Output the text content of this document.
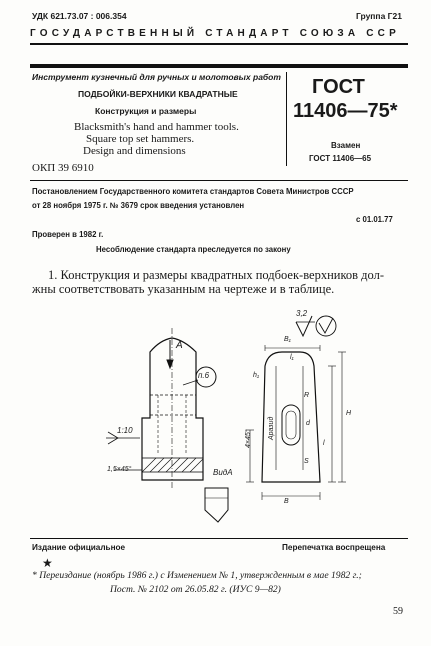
УДК 621.73.07 : 006.354	Группа Г21
ГОСУДАРСТВЕННЫЙ СТАНДАРТ СОЮЗА ССР
Инструмент кузнечный для ручных и молотовых работ
ПОДБОЙКИ-ВЕРХНИКИ КВАДРАТНЫЕ
Конструкция и размеры
Blacksmith's hand and hammer tools.
Square top set hammers.
Design and dimensions
ОКП 39 6910
ГОСТ
11406—75*
Взамен
ГОСТ 11406—65
Постановлением Государственного комитета стандартов Совета Министров СССР
от 28 ноября 1975 г. № 3679 срок введения установлен
с 01.01.77
Проверен в 1982 г.
Несоблюдение стандарта преследуется по закону
1. Конструкция и размеры квадратных подбоек-верхников дол-
жны соответствовать указанным на чертеже и в таблице.
A
п.6
1:10
1,5×45°	ВидА
3,2
B₁
l₁
h₁
4×45° Аразид
R
d
l
H
S
B
Издание официальное	Перепечатка воспрещена
★
* Переиздание (ноябрь 1986 г.) с Изменением № 1, утвержденным в мае 1982 г.;
Пост. № 2102 от 26.05.82 г. (ИУС 9—82)
59
